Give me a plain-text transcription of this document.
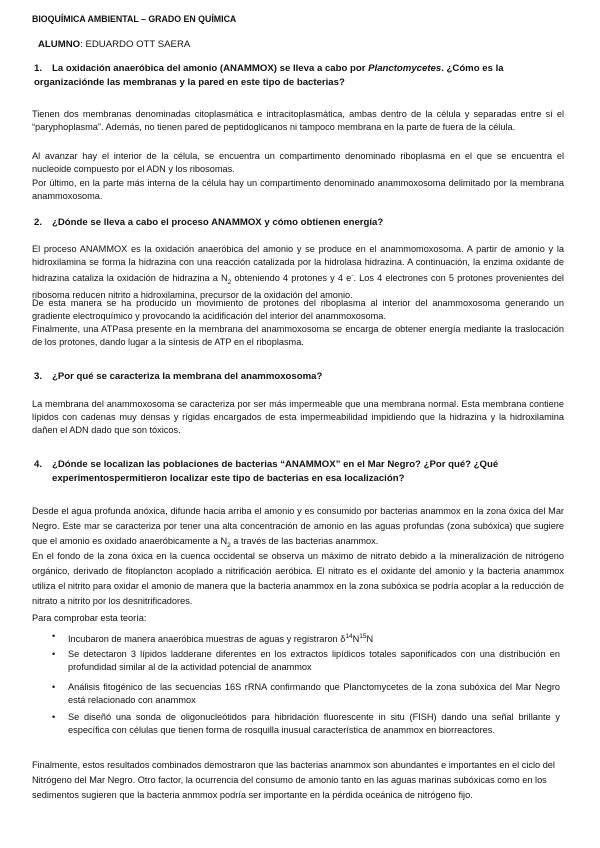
BIOQUÍMICA AMBIENTAL – GRADO EN QUÍMICA
ALUMNO: EDUARDO OTT SAERA

1. La oxidación anaeróbica del amonio (ANAMMOX) se lleva a cabo por Planctomycetes. ¿Cómo es la organizaciónde las membranas y la pared en este tipo de bacterias?

Tienen dos membranas denominadas citoplasmática e intracitoplasmática, ambas dentro de la célula y separadas entre sí el “paryphoplasma”. Además, no tienen pared de peptidoglicanos ni tampoco membrana en la parte de fuera de la célula.

Al avanzar hay el interior de la célula, se encuentra un compartimento denominado riboplasma en el que se encuentra el nucleoide compuesto por el ADN y los ribosomas.

Por último, en la parte más interna de la célula hay un compartimento denominado anammoxosoma delimitado por la membrana anammoxosoma.

2. ¿Dónde se lleva a cabo el proceso ANAMMOX y cómo obtienen energía?

El proceso ANAMMOX es la oxidación anaeróbica del amonio y se produce en el anammomoxosoma. A partir de amonio y la hidroxilamina se forma la hidrazina con una reacción catalizada por la hidrolasa hidrazina. A continuación, la enzima oxidante de hidrazina cataliza la oxidación de hidrazina a $N_2$ obteniendo 4 protones y 4 e-. Los 4 electrones con 5 protones provenientes del ribosoma reducen nitrito a hidroxilamina, precursor de la oxidación del amonio.

De esta manera se ha producido un movimiento de protones del riboplasma al interior del anammoxosoma generando un gradiente electroquímico y provocando la acidificación del interior del anammoxosoma.

Finalmente, una ATPasa presente en la membrana del anammoxosoma se encarga de obtener energía mediante la traslocación de los protones, dando lugar a la síntesis de ATP en el riboplasma.

3. ¿Por qué se caracteriza la membrana del anammoxosoma?

La membrana del anammoxosoma se caracteriza por ser más impermeable que una membrana normal. Esta membrana contiene lípidos con cadenas muy densas y rígidas encargados de esta impermeabilidad impidiendo que la hidrazina y la hidroxilamina dañen el ADN dado que son tóxicos.

4. ¿Dónde se localizan las poblaciones de bacterias “ANAMMOX” en el Mar Negro? ¿Por qué? ¿Qué
experimentospermitieron localizar este tipo de bacterias en esa localización?

Desde el agua profunda anóxica, difunde hacia arriba el amonio y es consumido por bacterias anammox en la zona óxica del Mar Negro. Este mar se caracteriza por tener una alta concentración de amonio en las aguas profundas (zona subóxica) que sugiere que el amonio es oxidado anaeróbicamente a $N_2$ a través de las bacterias anammox.

En el fondo de la zona óxica en la cuenca occidental se observa un máximo de nitrato debido a la mineralización de nitrógeno orgánico, derivado de fitoplancton acoplado a nitrificación aeróbica. El nitrato es el oxidante del amonio y la bacteria anammox utiliza el nitrito para oxidar el amonio de manera que la bacteria anammox en la zona subóxica se podría acoplar a la reducción de nitrato a nitrito por los desnitrificadores.

Para comprobar esta teoría:

•	Incubaron de manera anaeróbica muestras de aguas y registraron $\delta^{14}N^{15}N$
•	Se detectaron 3 lípidos ladderane diferentes en los extractos lipídicos totales saponificados con una distribución en profundidad similar al de la actividad potencial de anammox
•	Análisis fitogénico de las secuencias 16S rRNA confirmando que Planctomycetes de la zona subóxica del Mar Negro está relacionado con anammox
•	Se diseñó una sonda de oligonucleótidos para hibridación fluorescente in situ (FISH) dando una señal brillante y específica con células que tienen forma de rosquilla inusual característica de anammox en biorreactores.

Finalmente, estos resultados combinados demostraron que las bacterias anammox son abundantes e importantes en el ciclo del Nitrógeno del Mar Negro. Otro factor, la ocurrencia del consumo de amonio tanto en las aguas marinas subóxicas como en los sedimentos sugieren que la bacteria anmmox podría ser importante en la pérdida oceánica de nitrógeno fijo.
